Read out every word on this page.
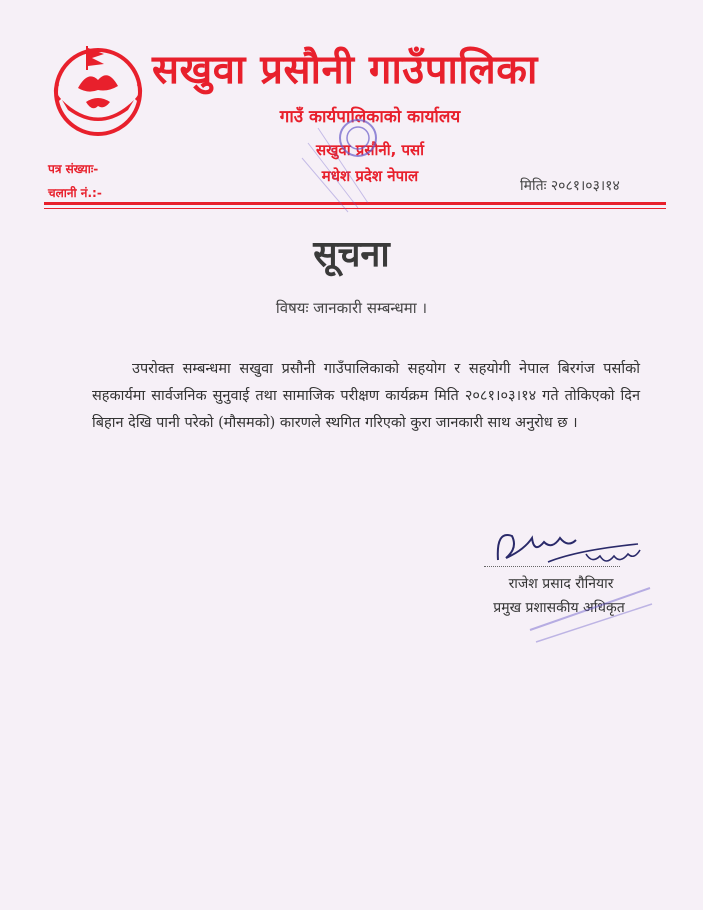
सखुवा प्रसौनी गाउँपालिका
गाउँ कार्यपालिकाको कार्यालय
सखुवा प्रसौनी, पर्सा
मधेश प्रदेश नेपाल
पत्र संख्याः-
चलानी नं.:-	मितिः २०८१।०३।१४
सूचना
विषयः जानकारी सम्बन्धमा ।
उपरोक्त सम्बन्धमा सखुवा प्रसौनी गाउँपालिकाको सहयोग र सहयोगी नेपाल बिरगंज पर्साको सहकार्यमा सार्वजनिक सुनुवाई तथा सामाजिक परीक्षण कार्यक्रम मिति २०८१।०३।१४ गते तोकिएको दिन बिहान देखि पानी परेको (मौसमको) कारणले स्थगित गरिएको कुरा जानकारी साथ अनुरोध छ ।
राजेश प्रसाद रौनियार
प्रमुख प्रशासकीय अधिकृत
